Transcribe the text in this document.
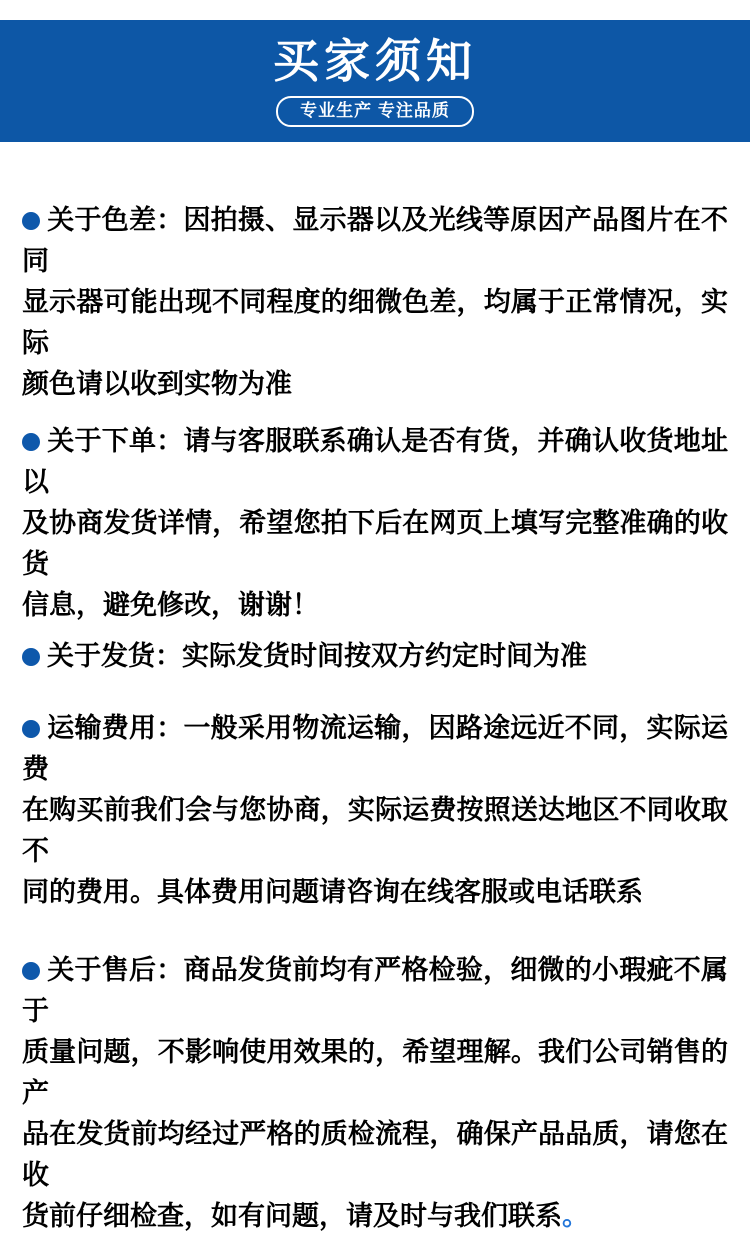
买家须知
专业生产 专注品质
关于色差：因拍摄、显示器以及光线等原因产品图片在不同
显示器可能出现不同程度的细微色差，均属于正常情况，实际
颜色请以收到实物为准
关于下单：请与客服联系确认是否有货，并确认收货地址以
及协商发货详情，希望您拍下后在网页上填写完整准确的收货
信息，避免修改，谢谢！
关于发货：实际发货时间按双方约定时间为准
运输费用：一般采用物流运输，因路途远近不同，实际运费
在购买前我们会与您协商，实际运费按照送达地区不同收取不
同的费用。具体费用问题请咨询在线客服或电话联系
关于售后：商品发货前均有严格检验，细微的小瑕疵不属于
质量问题，不影响使用效果的，希望理解。我们公司销售的产
品在发货前均经过严格的质检流程，确保产品品质，请您在收
货前仔细检查，如有问题，请及时与我们联系。
